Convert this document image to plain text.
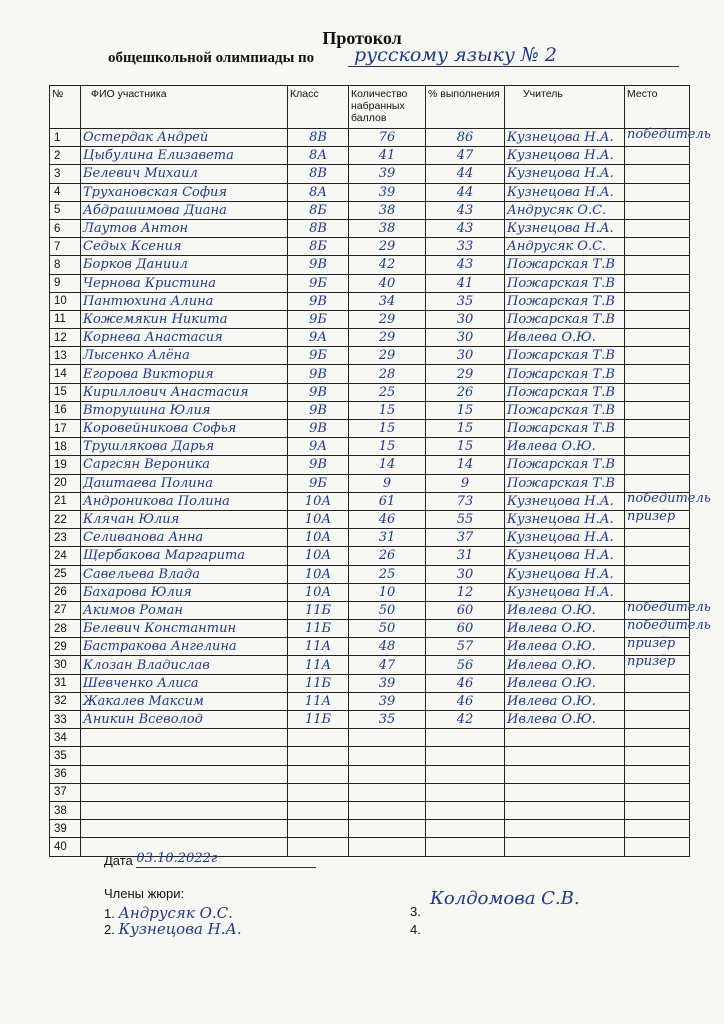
Протокол
общешкольной олимпиады по	русскому языку № 2
№	ФИО участника	Класс	Количество набранных баллов	% выполнения	Учитель	Место
1	Остердак Андрей	8В	76	86	Кузнецова Н.А.	победитель

2	Цыбулина Елизавета	8А	41	47	Кузнецова Н.А.	

3	Белевич Михаил	8В	39	44	Кузнецова Н.А.	

4	Трухановская София	8А	39	44	Кузнецова Н.А.	

5	Абдрашимова Диана	8Б	38	43	Андрусяк О.С.	

6	Лаутов Антон	8В	38	43	Кузнецова Н.А.	

7	Седых Ксения	8Б	29	33	Андрусяк О.С.	

8	Борков Даниил	9В	42	43	Пожарская Т.В	

9	Чернова Кристина	9Б	40	41	Пожарская Т.В	

10	Пантюхина Алина	9В	34	35	Пожарская Т.В	

11	Кожемякин Никита	9Б	29	30	Пожарская Т.В	

12	Корнева Анастасия	9А	29	30	Ивлева О.Ю.	

13	Лысенко Алёна	9Б	29	30	Пожарская Т.В	

14	Егорова Виктория	9В	28	29	Пожарская Т.В	

15	Кириллович Анастасия	9В	25	26	Пожарская Т.В	

16	Вторушина Юлия	9В	15	15	Пожарская Т.В	

17	Коровейникова Софья	9В	15	15	Пожарская Т.В	

18	Трушлякова Дарья	9А	15	15	Ивлева О.Ю.	

19	Саргсян Вероника	9В	14	14	Пожарская Т.В	

20	Даштаева Полина	9Б	9	9	Пожарская Т.В	

21	Андроникова Полина	10А	61	73	Кузнецова Н.А.	победитель

22	Клячан Юлия	10А	46	55	Кузнецова Н.А.	призёр

23	Селиванова Анна	10А	31	37	Кузнецова Н.А.	

24	Щербакова Маргарита	10А	26	31	Кузнецова Н.А.	

25	Савельева Влада	10А	25	30	Кузнецова Н.А.	

26	Бахарова Юлия	10А	10	12	Кузнецова Н.А.	

27	Акимов Роман	11Б	50	60	Ивлева О.Ю.	победитель

28	Белевич Константин	11Б	50	60	Ивлева О.Ю.	победитель

29	Бастракова Ангелина	11А	48	57	Ивлева О.Ю.	призёр

30	Клозан Владислав	11А	47	56	Ивлева О.Ю.	призёр

31	Шевченко Алиса	11Б	39	46	Ивлева О.Ю.	

32	Жакалев Максим	11А	39	46	Ивлева О.Ю.	

33	Аникин Всеволод	11Б	35	42	Ивлева О.Ю.	

34						

35						

36						

37						

38						

39						

40						
Дата 03.10.2022г
Члены жюри:
1. Андрусяк О.С.
2. Кузнецова Н.А.
3.
Колдомова С.В.
4.
